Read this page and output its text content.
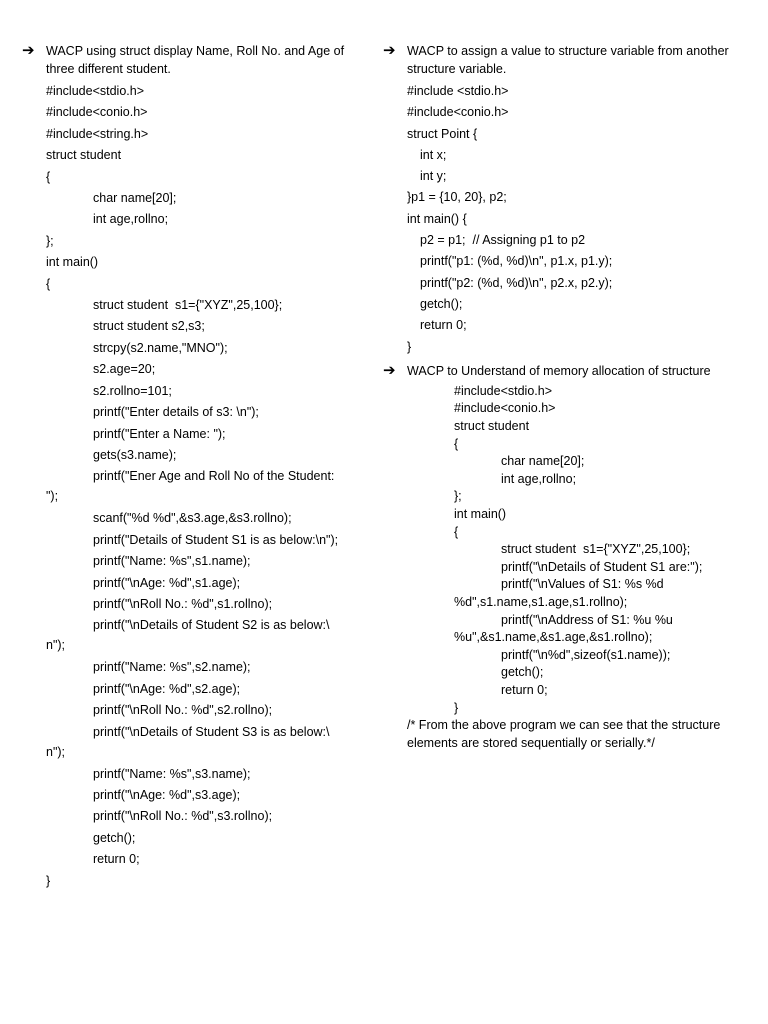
➔ WACP using struct display Name, Roll No. and Age of three different student.
#include<stdio.h>
#include<conio.h>
#include<string.h>
struct student
{
char name[20];
int age,rollno;
};
int main()
{
struct student  s1={"XYZ",25,100};
struct student s2,s3;
strcpy(s2.name,"MNO");
s2.age=20;
s2.rollno=101;
printf("Enter details of s3: \n");
printf("Enter a Name: ");
gets(s3.name);
printf("Ener Age and Roll No of the Student:
");
scanf("%d %d",&s3.age,&s3.rollno);
printf("Details of Student S1 is as below:\n");
printf("Name: %s",s1.name);
printf("\nAge: %d",s1.age);
printf("\nRoll No.: %d",s1.rollno);
printf("\nDetails of Student S2 is as below:\
n");
printf("Name: %s",s2.name);
printf("\nAge: %d",s2.age);
printf("\nRoll No.: %d",s2.rollno);
printf("\nDetails of Student S3 is as below:\
n");
printf("Name: %s",s3.name);
printf("\nAge: %d",s3.age);
printf("\nRoll No.: %d",s3.rollno);
getch();
return 0;
}
➔ WACP to assign a value to structure variable from another structure variable.
#include <stdio.h>
#include<conio.h>
struct Point {
int x;
int y;
}p1 = {10, 20}, p2;
int main() {
p2 = p1;  // Assigning p1 to p2
printf("p1: (%d, %d)\n", p1.x, p1.y);
printf("p2: (%d, %d)\n", p2.x, p2.y);
getch();
return 0;
}
➔ WACP to Understand of memory allocation of structure
#include<stdio.h>
#include<conio.h>
struct student
{
char name[20];
int age,rollno;
};
int main()
{
struct student  s1={"XYZ",25,100};
printf("\nDetails of Student S1 are:");
printf("\nValues of S1: %s %d
%d",s1.name,s1.age,s1.rollno);
printf("\nAddress of S1: %u %u
%u",&s1.name,&s1.age,&s1.rollno);
printf("\n%d",sizeof(s1.name));
getch();
return 0;
}
/* From the above program we can see that the structure elements are stored sequentially or serially.*/
